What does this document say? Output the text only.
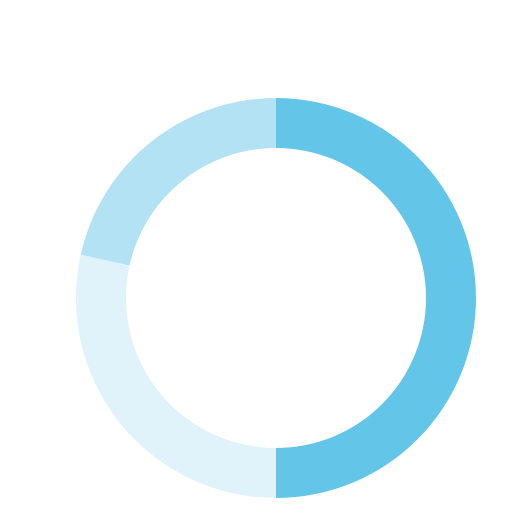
MCAFE
ANDHAN
CONSULTING
SERVICES
